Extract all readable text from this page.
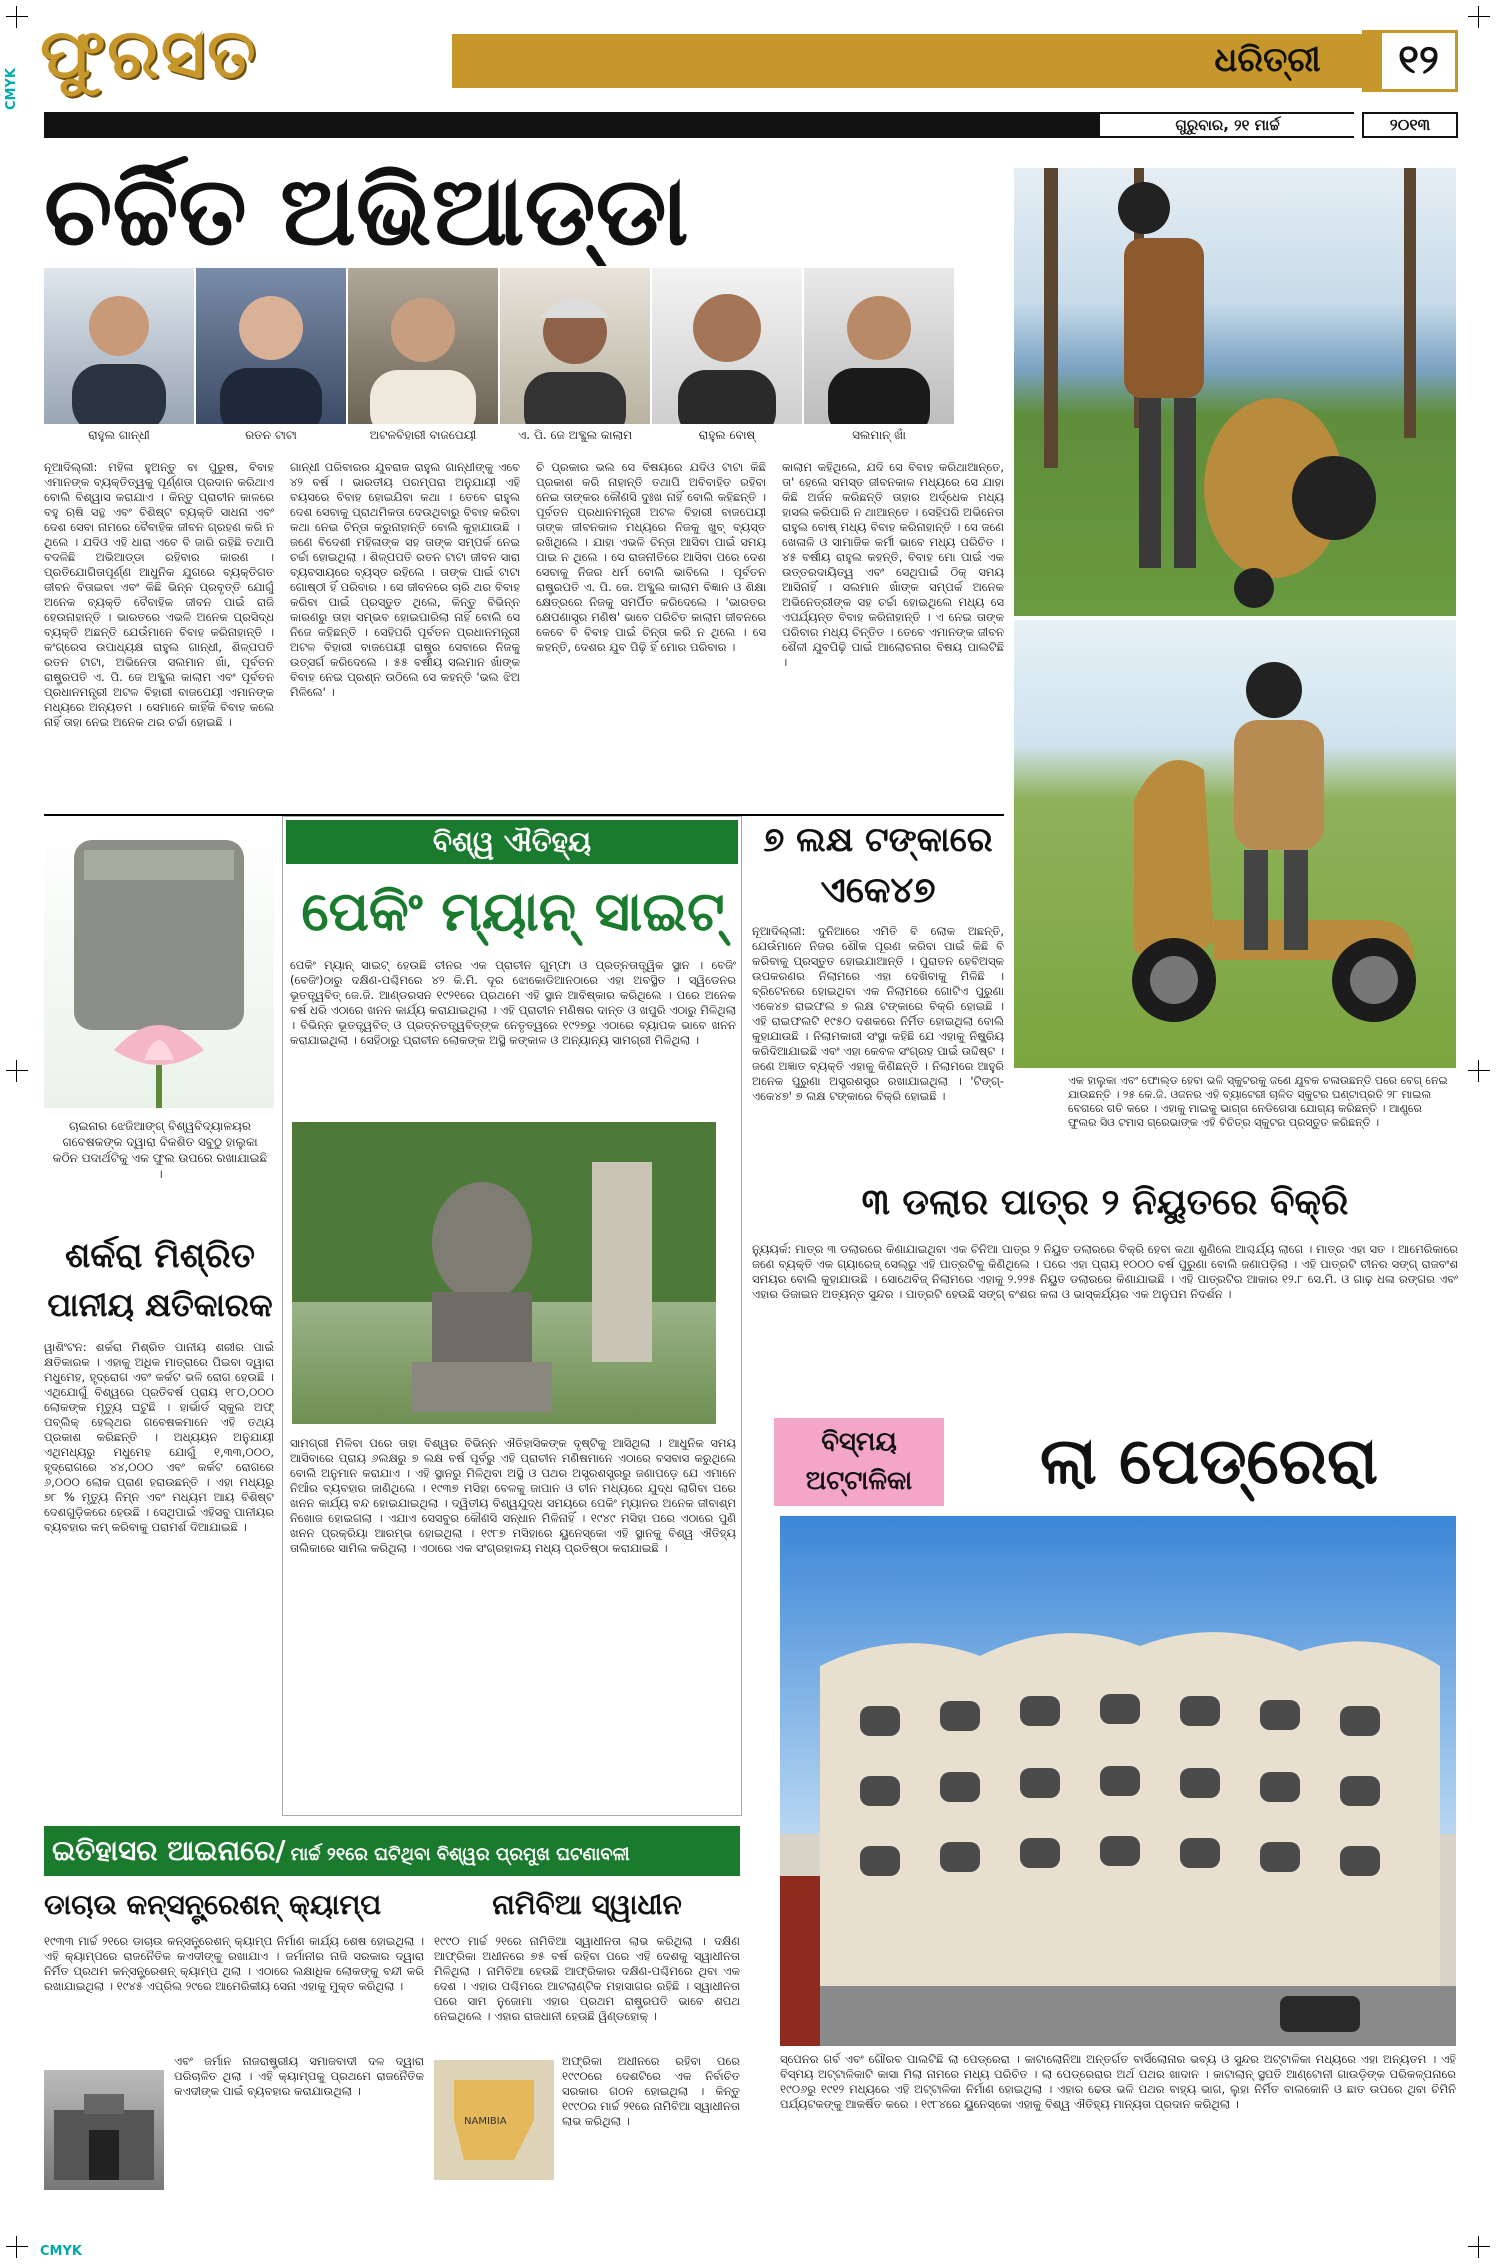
CMYK
CMYK
ଫୁରସତ	ଧରିତ୍ରୀ	୧୨
ଗୁରୁବାର, ୨୧ ମାର୍ଚ୍ଚ	୨୦୧୩
ଚର୍ଚ୍ଚିତ ଅଭିଆଡ୍ଡା
ରାହୁଲ ଗାନ୍ଧୀ	ରତନ ଟାଟା	ଅଟଳବିହାରୀ ବାଜପେୟୀ	ଏ. ପି. ଜେ ଅବ୍ଦୁଲ କାଲାମ	ରାହୁଲ ବୋଷ୍	ସଲମାନ୍ ଖାଁ
ନୂଆଦିଲ୍ଲୀ: ମହିଳା ହୁଅନ୍ତୁ ବା ପୁରୁଷ, ବିବାହ ଏମାନଙ୍କ ବ୍ୟକ୍ତିତ୍ୱକୁ ପୂର୍ଣ୍ଣତା ପ୍ରଦାନ କରିଥାଏ ବୋଲି ବିଶ୍ୱାସ କରାଯାଏ । କିନ୍ତୁ ପ୍ରାଚୀନ କାଳରେ ବହୁ ଋଷି ସନ୍ଥ ଏବଂ ବିଶିଷ୍ଟ ବ୍ୟକ୍ତି ସାଧନା ଏବଂ ଦେଶ ସେବା ନାମରେ ବୈବାହିକ ଜୀବନ ଗ୍ରହଣ କରି ନ ଥିଲେ । ଯଦିଓ ଏହି ଧାରା ଏବେ ବି ଜାରି ରହିଛି ତଥାପି ବଦଳିଛି ଅଭିଆଡ୍ଡା ରହିବାର କାରଣ । ପ୍ରତିଯୋଗିତାପୂର୍ଣ୍ଣ ଆଧୁନିକ ଯୁଗରେ ବ୍ୟକ୍ତିଗତ ଜୀବନ ବିତାଇବା ଏବଂ କିଛି ଭିନ୍ନ ପ୍ରବୃତ୍ତି ଯୋଗୁଁ ଅନେକ ବ୍ୟକ୍ତି ବୈବାହିକ ଜୀବନ ପାଇଁ ରାଜି ହେଉନାହାନ୍ତି । ଭାରତରେ ଏଭଳି ଅନେକ ପ୍ରସିଦ୍ଧ ବ୍ୟକ୍ତି ଅଛନ୍ତି ଯେଉଁମାନେ ବିବାହ କରିନାହାନ୍ତି । କଂଗ୍ରେସ ଉପାଧ୍ୟକ୍ଷ ରାହୁଲ ଗାନ୍ଧୀ, ଶିଳ୍ପପତି ରତନ ଟାଟା, ଅଭିନେତା ସଲମାନ ଖାଁ, ପୂର୍ବତନ ରାଷ୍ଟ୍ରପତି ଏ. ପି. ଜେ ଅବ୍ଦୁଲ କାଲାମ ଏବଂ ପୂର୍ବତନ ପ୍ରଧାନମନ୍ତ୍ରୀ ଅଟଳ ବିହାରୀ ବାଜପେୟୀ ଏମାନଙ୍କ ମଧ୍ୟରେ ଅନ୍ୟତମ । ସେମାନେ କାହିଁକି ବିବାହ କଲେ ନାହିଁ ତାହା ନେଇ ଅନେକ ଥର ଚର୍ଚ୍ଚା ହୋଇଛି ।
ଗାନ୍ଧୀ ପରିବାରର ଯୁବରାଜ ରାହୁଲ ଗାନ୍ଧୀଙ୍କୁ ଏବେ ୪୨ ବର୍ଷ । ଭାରତୀୟ ପରମ୍ପରା ଅନୁଯାୟୀ ଏହି ବୟସରେ ବିବାହ ହୋଇଯିବା କଥା । ତେବେ ରାହୁଲ ଦେଶ ସେବାକୁ ପ୍ରାଥମିକତା ଦେଉଥିବାରୁ ବିବାହ କରିବା କଥା ନେଇ ଚିନ୍ତା କରୁନାହାନ୍ତି ବୋଲି କୁହାଯାଉଛି । ଜଣେ ବିଦେଶୀ ମହିଳାଙ୍କ ସହ ତାଙ୍କ ସମ୍ପର୍କ ନେଇ ଚର୍ଚ୍ଚା ହୋଇଥିଲା । ଶିଳ୍ପପତି ରତନ ଟାଟା ଜୀବନ ସାରା ବ୍ୟବସାୟରେ ବ୍ୟସ୍ତ ରହିଲେ । ତାଙ୍କ ପାଇଁ ଟାଟା ଗୋଷ୍ଠୀ ହିଁ ପରିବାର । ସେ ଜୀବନରେ ଚାରି ଥର ବିବାହ କରିବା ପାଇଁ ପ୍ରସ୍ତୁତ ଥିଲେ, କିନ୍ତୁ ବିଭିନ୍ନ କାରଣରୁ ତାହା ସମ୍ଭବ ହୋଇପାରିଲା ନାହିଁ ବୋଲି ସେ ନିଜେ କହିଛନ୍ତି । ସେହିପରି ପୂର୍ବତନ ପ୍ରଧାନମନ୍ତ୍ରୀ ଅଟଳ ବିହାରୀ ବାଜପେୟୀ ରାଷ୍ଟ୍ର ସେବାରେ ନିଜକୁ ଉତ୍ସର୍ଗ କରିଦେଲେ । ୫୫ ବର୍ଷୀୟ ସଲମାନ ଖାଁଙ୍କ ବିବାହ ନେଇ ପ୍ରଶ୍ନ ଉଠିଲେ ସେ କହନ୍ତି 'ଭଲ ଝିଅ ମିଳିଲେ' ।
ଚି ପ୍ରକାର ଭଲ ସେ ବିଷୟରେ ଯଦିଓ ଟାଟା କିଛି ପ୍ରକାଶ କରି ନାହାନ୍ତି ତଥାପି ଅବିବାହିତ ରହିବା ନେଇ ତାଙ୍କର କୌଣସି ଦୁଃଖ ନାହିଁ ବୋଲି କହିଛନ୍ତି । ପୂର୍ବତନ ପ୍ରଧାନମନ୍ତ୍ରୀ ଅଟଳ ବିହାରୀ ବାଜପେୟୀ ତାଙ୍କ ଜୀବନକାଳ ମଧ୍ୟରେ ନିଜକୁ ଖୁବ୍ ବ୍ୟସ୍ତ ରଖିଥିଲେ । ଯାହା ଏଭଳି ଚିନ୍ତା ଆସିବା ପାଇଁ ସମୟ ପାଇ ନ ଥିଲେ । ସେ ରାଜନୀତିରେ ଆସିବା ପରେ ଦେଶ ସେବାକୁ ନିଜର ଧର୍ମ ବୋଲି ଭାବିଲେ । ପୂର୍ବତନ ରାଷ୍ଟ୍ରପତି ଏ. ପି. ଜେ. ଅବ୍ଦୁଲ କାଲାମ ବିଜ୍ଞାନ ଓ ଶିକ୍ଷା କ୍ଷେତ୍ରରେ ନିଜକୁ ସମର୍ପିତ କରିଦେଲେ । 'ଭାରତର କ୍ଷେପଣାସ୍ତ୍ର ମଣିଷ' ଭାବେ ପରିଚିତ କାଲାମ ଜୀବନରେ କେବେ ବି ବିବାହ ପାଇଁ ଚିନ୍ତା କରି ନ ଥିଲେ । ସେ କହନ୍ତି, ଦେଶର ଯୁବ ପିଢ଼ି ହିଁ ମୋର ପରିବାର ।
କାଲାମ କହିଥିଲେ, ଯଦି ସେ ବିବାହ କରିଥାଆନ୍ତେ, ତା' ହେଲେ ସମସ୍ତ ଜୀବନକାଳ ମଧ୍ୟରେ ସେ ଯାହା କିଛି ଅର୍ଜନ କରିଛନ୍ତି ତାହାର ଅର୍ଦ୍ଧେକ ମଧ୍ୟ ହାସଲ କରିପାରି ନ ଥାଆନ୍ତେ । ସେହିପରି ଅଭିନେତା ରାହୁଲ ବୋଷ୍ ମଧ୍ୟ ବିବାହ କରିନାହାନ୍ତି । ସେ ଜଣେ ଖେଳାଳି ଓ ସାମାଜିକ କର୍ମୀ ଭାବେ ମଧ୍ୟ ପରିଚିତ । ୪୫ ବର୍ଷୀୟ ରାହୁଲ କହନ୍ତି, ବିବାହ ମୋ ପାଇଁ ଏକ ଉତ୍ତରଦାୟିତ୍ୱ ଏବଂ ସେଥିପାଇଁ ଠିକ୍ ସମୟ ଆସିନାହିଁ । ସଲମାନ ଖାଁଙ୍କ ସମ୍ପର୍କ ଅନେକ ଅଭିନେତ୍ରୀଙ୍କ ସହ ଚର୍ଚ୍ଚା ହୋଇଥିଲେ ମଧ୍ୟ ସେ ଏପର୍ଯ୍ୟନ୍ତ ବିବାହ କରିନାହାନ୍ତି । ଏ ନେଇ ତାଙ୍କ ପରିବାର ମଧ୍ୟ ଚିନ୍ତିତ । ତେବେ ଏମାନଙ୍କ ଜୀବନ ଶୈଳୀ ଯୁବପିଢ଼ି ପାଇଁ ଆଲୋଚନାର ବିଷୟ ପାଲଟିଛି ।
ଏକ ହାଲୁକା ଏବଂ ଫୋଲ୍ଡ ହେବା ଭଳି ସ୍କୁଟରକୁ ଜଣେ ଯୁବକ ଚଳାଉଛନ୍ତି ପରେ ବେଗ୍ ନେଇ ଯାଉଛନ୍ତି । ୨୫ କେ.ଜି. ଓଜନର ଏହି ବ୍ୟାଟେରୀ ଚାଳିତ ସ୍କୁଟର ଘଣ୍ଟାପ୍ରତି ୨୮ ମାଇଲ ବେଗରେ ଗତି କରେ । ଏହାକୁ ମାଇକୁ ଭାଗ୍ଗ ନେଡିଗେସା ଯୋଗ୍ୟ କରିଛନ୍ତି । ଆଣ୍ଡ୍ରେ ଫୁଲର ସିଓ ଟମାସ ଗ୍ରେଭାଙ୍କ ଏହି ବିଚିତ୍ର ସ୍କୁଟର ପ୍ରସ୍ତୁତ କରିଛନ୍ତି ।
ଚାଇନାର ଝେଜିଆଙ୍ଗ୍ ବିଶ୍ୱବିଦ୍ୟାଳୟର ଗବେଷକଙ୍କ ଦ୍ୱାରା ବିକଶିତ ସବୁଠୁ ହାଲୁକା କଠିନ ପଦାର୍ଥଟିକୁ ଏକ ଫୁଲ ଉପରେ ରଖାଯାଇଛି ।
ଶର୍କରା ମିଶ୍ରିତ
ପାନୀୟ କ୍ଷତିକାରକ
ୱାଶିଂଟନ: ଶର୍କରା ମିଶ୍ରିତ ପାନୀୟ ଶରୀର ପାଇଁ କ୍ଷତିକାରକ । ଏହାକୁ ଅଧିକ ମାତ୍ରାରେ ପିଇବା ଦ୍ୱାରା ମଧୁମେହ, ହୃଦ୍ରୋଗ ଏବଂ କର୍କଟ ଭଳି ରୋଗ ହେଉଛି । ଏଥିଯୋଗୁଁ ବିଶ୍ୱରେ ପ୍ରତିବର୍ଷ ପ୍ରାୟ ୧୮୦,୦୦୦ ଲୋକଙ୍କ ମୃତ୍ୟୁ ଘଟୁଛି । ହାର୍ଭାର୍ଡ ସ୍କୁଲ ଅଫ୍ ପବ୍ଲିକ୍ ହେଲ୍ଥର ଗବେଷକମାନେ ଏହି ତଥ୍ୟ ପ୍ରକାଶ କରିଛନ୍ତି । ଅଧ୍ୟୟନ ଅନୁଯାୟୀ ଏଥିମଧ୍ୟରୁ ମଧୁମେହ ଯୋଗୁଁ ୧,୩୩,୦୦୦, ହୃଦ୍ରୋଗରେ ୪୪,୦୦୦ ଏବଂ କର୍କଟ ରୋଗରେ ୬,୦୦୦ ଲୋକ ପ୍ରାଣ ହରାଉଛନ୍ତି । ଏହା ମଧ୍ୟରୁ ୭୮ % ମୃତ୍ୟୁ ନିମ୍ନ ଏବଂ ମଧ୍ୟମ ଆୟ ବିଶିଷ୍ଟ ଦେଶଗୁଡ଼ିକରେ ହେଉଛି । ସେଥିପାଇଁ ଏହିସବୁ ପାନୀୟର ବ୍ୟବହାର କମ୍ କରିବାକୁ ପରାମର୍ଶ ଦିଆଯାଇଛି ।
ବିଶ୍ୱ ଐତିହ୍ୟ
ପେକିଂ ମ୍ୟାନ୍ ସାଇଟ୍
ପେକିଂ ମ୍ୟାନ୍ ସାଇଟ୍ ହେଉଛି ଚୀନର ଏକ ପ୍ରାଚୀନ ଗୁମ୍ଫା ଓ ପ୍ରତ୍ନତାତ୍ତ୍ୱିକ ସ୍ଥାନ । ବେଜିଂ (ବେଜିଂ)ଠାରୁ ଦକ୍ଷିଣ-ପଶ୍ଚିମରେ ୪୨ କି.ମି. ଦୂର ଝୋକୋଡିଆନଠାରେ ଏହା ଅବସ୍ଥିତ । ସ୍ୱିଡେନର ଭୂତତ୍ତ୍ୱବିତ୍ ଜେ.ଜି. ଆଣ୍ଡରସନ ୧୯୨୧ରେ ପ୍ରଥମେ ଏହି ସ୍ଥାନ ଆବିଷ୍କାର କରିଥିଲେ । ପରେ ଅନେକ ବର୍ଷ ଧରି ଏଠାରେ ଖନନ କାର୍ଯ୍ୟ କରାଯାଇଥିଲା । ଏହି ପ୍ରାଚୀନ ମଣିଷର ଦାନ୍ତ ଓ ଖପୁରି ଏଠାରୁ ମିଳିଥିଲା । ବିଭିନ୍ନ ଭୂତତ୍ତ୍ୱବିତ୍ ଓ ପ୍ରତ୍ନତତ୍ତ୍ୱବିତ୍ଙ୍କ ନେତୃତ୍ୱରେ ୧୯୨୭ରୁ ଏଠାରେ ବ୍ୟାପକ ଭାବେ ଖନନ କରାଯାଇଥିଲା । ସେହିଠାରୁ ପ୍ରାଚୀନ ଲୋକଙ୍କ ଅସ୍ଥି କଙ୍କାଳ ଓ ଅନ୍ୟାନ୍ୟ ସାମଗ୍ରୀ ମିଳିଥିଲା ।
ସାମଗ୍ରୀ ମିଳିବା ପରେ ତାହା ବିଶ୍ୱର ବିଭିନ୍ନ ଐତିହାସିକଙ୍କ ଦୃଷ୍ଟିକୁ ଆସିଥିଲା । ଆଧୁନିକ ସମୟ ଆସିବାରେ ପ୍ରାୟ ୬ଲକ୍ଷରୁ ୭ ଲକ୍ଷ ବର୍ଷ ପୂର୍ବରୁ ଏହି ପ୍ରାଚୀନ ମଣିଷମାନେ ଏଠାରେ ବସବାସ କରୁଥିଲେ ବୋଲି ଅନୁମାନ କରାଯାଏ । ଏହି ସ୍ଥାନରୁ ମିଳିଥିବା ଅସ୍ଥି ଓ ପଥର ଅସ୍ତ୍ରଶସ୍ତ୍ରରୁ ଜଣାପଡ଼େ ଯେ ଏମାନେ ନିଆଁର ବ୍ୟବହାର ଜାଣିଥିଲେ । ୧୯୩୭ ମସିହା ବେଳକୁ ଜାପାନ ଓ ଚୀନ ମଧ୍ୟରେ ଯୁଦ୍ଧ ଲାଗିବା ପରେ ଖନନ କାର୍ଯ୍ୟ ବନ୍ଦ ହୋଇଯାଇଥିଲା । ଦ୍ୱିତୀୟ ବିଶ୍ୱଯୁଦ୍ଧ ସମୟରେ ପେକିଂ ମ୍ୟାନର ଅନେକ ଜୀବାଶ୍ମ ନିଖୋଜ ହୋଇଗଲା । ଏଯାଏ ସେସବୁର କୌଣସି ସନ୍ଧାନ ମିଳିନାହିଁ । ୧୯୪୯ ମସିହା ପରେ ଏଠାରେ ପୁଣି ଖନନ ପ୍ରକ୍ରିୟା ଆରମ୍ଭ ହୋଇଥିଲା । ୧୯୮୭ ମସିହାରେ ୟୁନେସ୍କୋ ଏହି ସ୍ଥାନକୁ ବିଶ୍ୱ ଐତିହ୍ୟ ତାଲିକାରେ ସାମିଲ କରିଥିଲା । ଏଠାରେ ଏକ ସଂଗ୍ରହାଳୟ ମଧ୍ୟ ପ୍ରତିଷ୍ଠା କରାଯାଇଛି ।
୭ ଲକ୍ଷ ଟଙ୍କାରେ
ଏକେ୪୭
ନୂଆଦିଲ୍ଲୀ: ଦୁନିଆରେ ଏମିତି ବି ଲୋକ ଅଛନ୍ତି, ଯେଉଁମାନେ ନିଜର ଶୌକ ପୂରଣ କରିବା ପାଇଁ କିଛି ବି କରିବାକୁ ପ୍ରସ୍ତୁତ ହୋଇଯାଆନ୍ତି । ପୁରାତନ ହେବିଅସ୍କ ଉପକରଣର ନିଲାମରେ ଏହା ଦେଖିବାକୁ ମିଳିଛି । ବ୍ରିଟେନରେ ହୋଇଥିବା ଏକ ନିଲାମରେ ଗୋଟିଏ ପୁରୁଣା ଏକେ୪୭ ରାଇଫଲ ୭ ଲକ୍ଷ ଟଙ୍କାରେ ବିକ୍ରି ହୋଇଛି । ଏହି ରାଇଫଲଟି ୧୯୫୦ ଦଶକରେ ନିର୍ମିତ ହୋଇଥିଲା ବୋଲି କୁହାଯାଉଛି । ନିଲାମକାରୀ ସଂସ୍ଥା କହିଛି ଯେ ଏହାକୁ ନିଷ୍କ୍ରିୟ କରିଦିଆଯାଇଛି ଏବଂ ଏହା କେବଳ ସଂଗ୍ରହ ପାଇଁ ଉଦ୍ଦିଷ୍ଟ । ଜଣେ ଅଜ୍ଞାତ ବ୍ୟକ୍ତି ଏହାକୁ କିଣିଛନ୍ତି । ନିଲାମରେ ଆହୁରି ଅନେକ ପୁରୁଣା ଅସ୍ତ୍ରଶସ୍ତ୍ର ରଖାଯାଇଥିଲା । 'ଟିଙ୍ଗ୍-ଏକେ୪୭' ୭ ଲକ୍ଷ ଟଙ୍କାରେ ବିକ୍ରି ହୋଇଛି ।
୩ ଡଲାର ପାତ୍ର ୨ ନିୟୁତରେ ବିକ୍ରି
ନ୍ୟୁୟର୍କ: ମାତ୍ର ୩ ଡଲାରରେ କିଣାଯାଇଥିବା ଏକ ଚିନିଆ ପାତ୍ର ୨ ନିୟୁତ ଡଲାରରେ ବିକ୍ରି ହେବା କଥା ଶୁଣିଲେ ଆଶ୍ଚର୍ଯ୍ୟ ଲାଗେ । ମାତ୍ର ଏହା ସତ । ଆମେରିକାରେ ଜଣେ ବ୍ୟକ୍ତି ଏକ ଗ୍ୟାରେଜ୍ ସେଲ୍‌ରୁ ଏହି ପାତ୍ରଟିକୁ କିଣିଥିଲେ । ପରେ ଏହା ପ୍ରାୟ ୧୦୦୦ ବର୍ଷ ପୁରୁଣା ବୋଲି ଜଣାପଡ଼ିଲା । ଏହି ପାତ୍ରଟି ଚୀନର ସଙ୍ଗ୍ ରାଜବଂଶ ସମୟର ବୋଲି କୁହାଯାଉଛି । ସୋଥେବିଜ୍ ନିଲାମରେ ଏହାକୁ ୨.୨୨୫ ନିୟୁତ ଡଲାରରେ କିଣାଯାଇଛି । ଏହି ପାତ୍ରଟିର ଆକାର ୧୨.୮ ସେ.ମି. ଓ ଗାଢ଼ ଧଳା ରଙ୍ଗର ଏବଂ ଏହାର ଡିଜାଇନ ଅତ୍ୟନ୍ତ ସୁନ୍ଦର । ପାତ୍ରଟି ହେଉଛି ସଙ୍ଗ୍ ବଂଶର କଳା ଓ ଭାସ୍କର୍ଯ୍ୟର ଏକ ଅନୁପମ ନିଦର୍ଶନ ।
ବିସ୍ମୟ
ଅଟ୍ଟାଳିକା	ଲା ପେଡ୍ରେରା
ସ୍ପେନର ଗର୍ବ ଏବଂ ଗୌରବ ପାଲଟିଛି ଲା ପେଡ୍ରେରା । କାଟାଲୋନିଆ ଅନ୍ତର୍ଗତ ବାର୍ସିଲୋନାର ଭବ୍ୟ ଓ ସୁନ୍ଦର ଅଟ୍ଟାଳିକା ମଧ୍ୟରେ ଏହା ଅନ୍ୟତମ । ଏହି ବିସ୍ମୟ ଅଟ୍ଟାଳିକାଟି କାସା ମିଲା ନାମରେ ମଧ୍ୟ ପରିଚିତ । ଲା ପେଡ୍ରେରାର ଅର୍ଥ ପଥର ଖାଦାନ । କାଟାଲାନ୍ ସ୍ଥପତି ଆଣ୍ଟୋନୀ ଗାଉଡ଼ିଙ୍କ ପରିକଳ୍ପନାରେ ୧୯୦୬ରୁ ୧୯୧୨ ମଧ୍ୟରେ ଏହି ଅଟ୍ଟାଳିକା ନିର୍ମାଣ ହୋଇଥିଲା । ଏହାର ଢେଉ ଭଳି ପଥର ବାହ୍ୟ ଭାଗ, ଲୁହା ନିର୍ମିତ ବାଲକୋନି ଓ ଛାତ ଉପରେ ଥିବା ଚିମିନି ପର୍ଯ୍ୟଟକଙ୍କୁ ଆକର୍ଷିତ କରେ । ୧୯୮୪ରେ ୟୁନେସ୍କୋ ଏହାକୁ ବିଶ୍ୱ ଐତିହ୍ୟ ମାନ୍ୟତା ପ୍ରଦାନ କରିଥିଲା ।
ଇତିହାସର ଆଇନାରେ/ ମାର୍ଚ୍ଚ ୨୧ରେ ଘଟିଥିବା ବିଶ୍ୱର ପ୍ରମୁଖ ଘଟଣାବଳୀ
ଡାଚାଉ କନ୍‌ସନ୍ଟ୍ରେଶନ୍ କ୍ୟାମ୍ପ
୧୯୩୩ ମାର୍ଚ୍ଚ ୨୧ରେ ଡାଚାଉ କନ୍‌ସନ୍ଟ୍ରେଶନ୍ କ୍ୟାମ୍ପ ନିର୍ମାଣ କାର୍ଯ୍ୟ ଶେଷ ହୋଇଥିଲା । ଏହି କ୍ୟାମ୍ପରେ ରାଜନୈତିକ କଏଦୀଙ୍କୁ ରଖାଯାଏ । ଜର୍ମାନୀର ନାଜି ସରକାର ଦ୍ୱାରା ନିର୍ମିତ ପ୍ରଥମ କନ୍‌ସନ୍ଟ୍ରେଶନ୍ କ୍ୟାମ୍ପ ଥିଲା । ଏଠାରେ ଲକ୍ଷାଧିକ ଲୋକଙ୍କୁ ବନ୍ଦୀ କରି ରଖାଯାଇଥିଲା । ୧୯୪୫ ଏପ୍ରିଲ ୨୯ରେ ଆମେରିକୀୟ ସେନା ଏହାକୁ ମୁକ୍ତ କରିଥିଲା ।
ଏବଂ ଜର୍ମାନ ନାଜରାଷ୍ଟ୍ରୀୟ ସମାଜବାଦୀ ଦଳ ଦ୍ୱାରା ପରିଚାଳିତ ଥିଲା । ଏହି କ୍ୟାମ୍ପକୁ ପ୍ରଥମେ ରାଜନୈତିକ କଏଦୀଙ୍କ ପାଇଁ ବ୍ୟବହାର କରାଯାଉଥିଲା ।
ନାମିବିଆ ସ୍ୱାଧୀନ
୧୯୯୦ ମାର୍ଚ୍ଚ ୨୧ରେ ନାମିବିଆ ସ୍ୱାଧୀନତା ଲାଭ କରିଥିଲା । ଦକ୍ଷିଣ ଆଫ୍ରିକା ଅଧୀନରେ ୭୫ ବର୍ଷ ରହିବା ପରେ ଏହି ଦେଶକୁ ସ୍ୱାଧୀନତା ମିଳିଥିଲା । ନାମିବିଆ ହେଉଛି ଆଫ୍ରିକାର ଦକ୍ଷିଣ-ପଶ୍ଚିମରେ ଥିବା ଏକ ଦେଶ । ଏହାର ପଶ୍ଚିମରେ ଆଟଲାଣ୍ଟିକ ମହାସାଗର ରହିଛି । ସ୍ୱାଧୀନତା ପରେ ସାମ ନୁଜୋମା ଏହାର ପ୍ରଥମ ରାଷ୍ଟ୍ରପତି ଭାବେ ଶପଥ ନେଇଥିଲେ । ଏହାର ରାଜଧାନୀ ହେଉଛି ୱିଣ୍ଡହୋକ୍ ।
NAMIBIA
ଅଫ୍ରିକା ଅଧୀନରେ ରହିବା ପରେ ୧୯୯୦ରେ ଦେଶଟିରେ ଏକ ନିର୍ବାଚିତ ସରକାର ଗଠନ ହୋଇଥିଲା । କିନ୍ତୁ ୧୯୯୦ର ମାର୍ଚ୍ଚ ୨୧ରେ ନାମିବିଆ ସ୍ୱାଧୀନତା ଲାଭ କରିଥିଲା ।
